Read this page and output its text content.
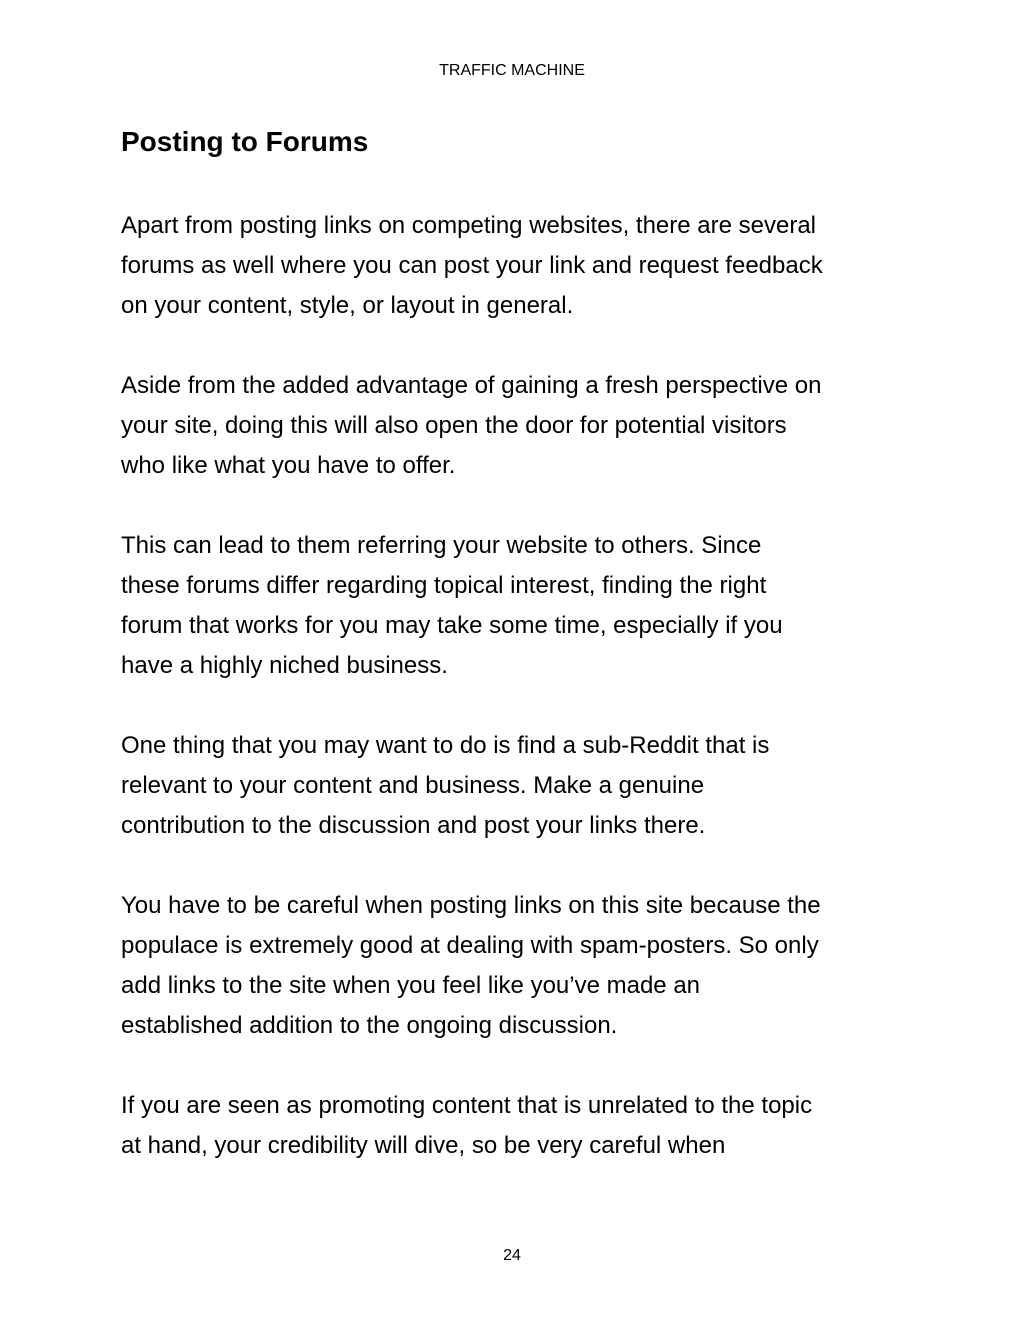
TRAFFIC MACHINE
Posting to Forums

Apart from posting links on competing websites, there are several
forums as well where you can post your link and request feedback
on your content, style, or layout in general.

Aside from the added advantage of gaining a fresh perspective on
your site, doing this will also open the door for potential visitors
who like what you have to offer.

This can lead to them referring your website to others. Since
these forums differ regarding topical interest, finding the right
forum that works for you may take some time, especially if you
have a highly niched business.

One thing that you may want to do is find a sub-Reddit that is
relevant to your content and business. Make a genuine
contribution to the discussion and post your links there.

You have to be careful when posting links on this site because the
populace is extremely good at dealing with spam-posters. So only
add links to the site when you feel like you’ve made an
established addition to the ongoing discussion.

If you are seen as promoting content that is unrelated to the topic
at hand, your credibility will dive, so be very careful when

24
